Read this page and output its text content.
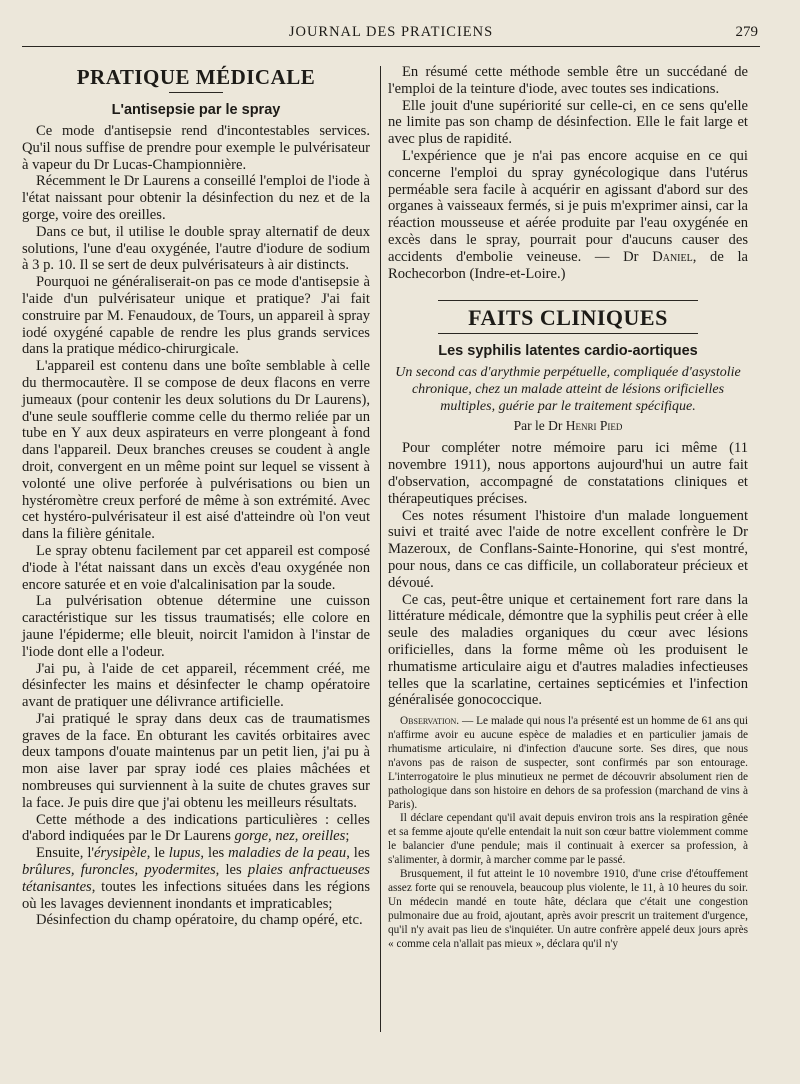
JOURNAL DES PRATICIENS	279
PRATIQUE MÉDICALE
L'antisepsie par le spray

Ce mode d'antisepsie rend d'incontestables services. Qu'il nous suffise de prendre pour exemple le pulvérisateur à vapeur du Dr Lucas-Championnière.

Récemment le Dr Laurens a conseillé l'emploi de l'iode à l'état naissant pour obtenir la désinfection du nez et de la gorge, voire des oreilles.

Dans ce but, il utilise le double spray alternatif de deux solutions, l'une d'eau oxygénée, l'autre d'iodure de sodium à 3 p. 10. Il se sert de deux pulvérisateurs à air distincts.

Pourquoi ne généraliserait-on pas ce mode d'antisepsie à l'aide d'un pulvérisateur unique et pratique? J'ai fait construire par M. Fenaudoux, de Tours, un appareil à spray iodé oxygéné capable de rendre les plus grands services dans la pratique médico-chirurgicale.

L'appareil est contenu dans une boîte semblable à celle du thermocautère. Il se compose de deux flacons en verre jumeaux (pour contenir les deux solutions du Dr Laurens), d'une seule soufflerie comme celle du thermo reliée par un tube en Y aux deux aspirateurs en verre plongeant à fond dans l'appareil. Deux branches creuses se coudent à angle droit, convergent en un même point sur lequel se vissent à volonté une olive perforée à pulvérisations ou bien un hystéromètre creux perforé de même à son extrémité. Avec cet hystéro-pulvérisateur il est aisé d'atteindre où l'on veut dans la filière génitale.

Le spray obtenu facilement par cet appareil est composé d'iode à l'état naissant dans un excès d'eau oxygénée non encore saturée et en voie d'alcalinisation par la soude.

La pulvérisation obtenue détermine une cuisson caractéristique sur les tissus traumatisés; elle colore en jaune l'épiderme; elle bleuit, noircit l'amidon à l'instar de l'iode dont elle a l'odeur.

J'ai pu, à l'aide de cet appareil, récemment créé, me désinfecter les mains et désinfecter le champ opératoire avant de pratiquer une délivrance artificielle.

J'ai pratiqué le spray dans deux cas de traumatismes graves de la face. En obturant les cavités orbitaires avec deux tampons d'ouate maintenus par un petit lien, j'ai pu à mon aise laver par spray iodé ces plaies mâchées et nombreuses qui surviennent à la suite de chutes graves sur la face. Je puis dire que j'ai obtenu les meilleurs résultats.

Cette méthode a des indications particulières : celles d'abord indiquées par le Dr Laurens gorge, nez, oreilles;

Ensuite, l'érysipèle, le lupus, les maladies de la peau, les brûlures, furoncles, pyodermites, les plaies anfractueuses tétanisantes, toutes les infections situées dans les régions où les lavages deviennent inondants et impraticables;

Désinfection du champ opératoire, du champ opéré, etc.

En résumé cette méthode semble être un succédané de l'emploi de la teinture d'iode, avec toutes ses indications.

Elle jouit d'une supériorité sur celle-ci, en ce sens qu'elle ne limite pas son champ de désinfection. Elle le fait large et avec plus de rapidité.

L'expérience que je n'ai pas encore acquise en ce qui concerne l'emploi du spray gynécologique dans l'utérus perméable sera facile à acquérir en agissant d'abord sur des organes à vaisseaux fermés, si je puis m'exprimer ainsi, car la réaction mousseuse et aérée produite par l'eau oxygénée en excès dans le spray, pourrait pour d'aucuns causer des accidents d'embolie veineuse. — Dr Daniel, de la Rochecorbon (Indre-et-Loire.)

FAITS CLINIQUES
Les syphilis latentes cardio-aortiques

Un second cas d'arythmie perpétuelle, compliquée d'asystolie chronique, chez un malade atteint de lésions orificielles multiples, guérie par le traitement spécifique.

Par le Dr Henri Pied

Pour compléter notre mémoire paru ici même (11 novembre 1911), nous apportons aujourd'hui un autre fait d'observation, accompagné de constatations cliniques et thérapeutiques précises.

Ces notes résument l'histoire d'un malade longuement suivi et traité avec l'aide de notre excellent confrère le Dr Mazeroux, de Conflans-Sainte-Honorine, qui s'est montré, pour nous, dans ce cas difficile, un collaborateur précieux et dévoué.

Ce cas, peut-être unique et certainement fort rare dans la littérature médicale, démontre que la syphilis peut créer à elle seule des maladies organiques du cœur avec lésions orificielles, dans la forme même où les produisent le rhumatisme articulaire aigu et d'autres maladies infectieuses telles que la scarlatine, certaines septicémies et l'infection généralisée gonococcique.

Observation. — Le malade qui nous l'a présenté est un homme de 61 ans qui n'affirme avoir eu aucune espèce de maladies et en particulier jamais de rhumatisme articulaire, ni d'infection d'aucune sorte. Ses dires, que nous n'avons pas de raison de suspecter, sont confirmés par son entourage. L'interrogatoire le plus minutieux ne permet de découvrir absolument rien de pathologique dans son histoire en dehors de sa profession (marchand de vins à Paris).

Il déclare cependant qu'il avait depuis environ trois ans la respiration gênée et sa femme ajoute qu'elle entendait la nuit son cœur battre violemment comme le balancier d'une pendule; mais il continuait à exercer sa profession, à s'alimenter, à dormir, à marcher comme par le passé.

Brusquement, il fut atteint le 10 novembre 1910, d'une crise d'étouffement assez forte qui se renouvela, beaucoup plus violente, le 11, à 10 heures du soir. Un médecin mandé en toute hâte, déclara que c'était une congestion pulmonaire due au froid, ajoutant, après avoir prescrit un traitement d'urgence, qu'il n'y avait pas lieu de s'inquiéter. Un autre confrère appelé deux jours après « comme cela n'allait pas mieux », déclara qu'il n'y
